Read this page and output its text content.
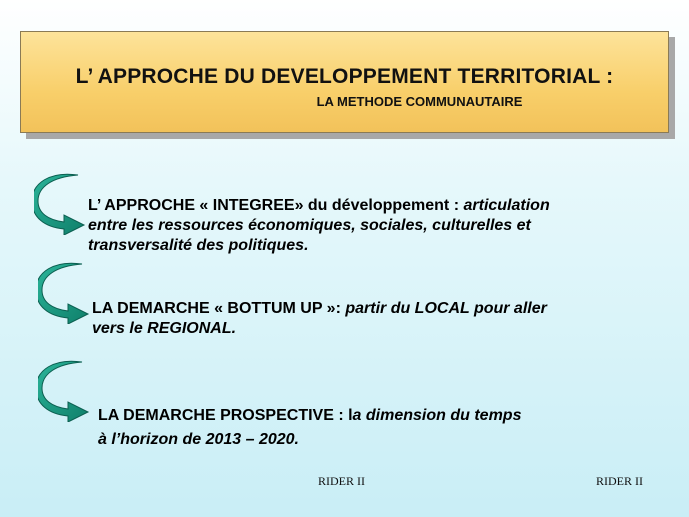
L’ APPROCHE DU DEVELOPPEMENT TERRITORIAL :
LA METHODE COMMUNAUTAIRE
L’ APPROCHE « INTEGREE» du développement : articulation
entre les ressources économiques, sociales, culturelles et
transversalité des politiques.
LA DEMARCHE « BOTTUM UP »: partir du LOCAL pour aller
vers le REGIONAL.
LA DEMARCHE PROSPECTIVE : la dimension du temps
à l’horizon de 2013 – 2020.
RIDER II	RIDER II
